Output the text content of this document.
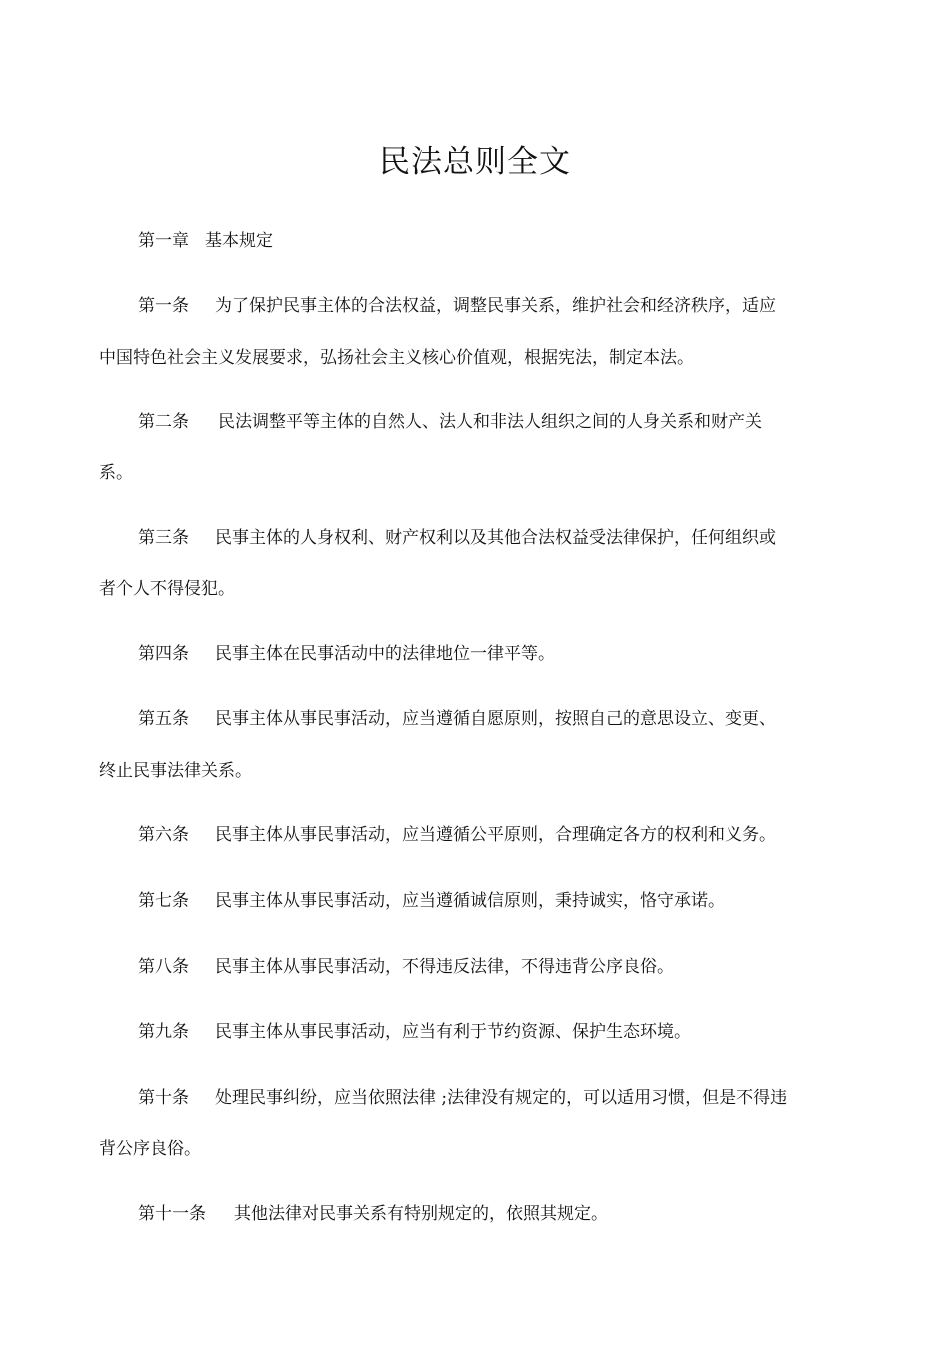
民法总则全文
第一章 基本规定
第一条 为了保护民事主体的合法权益，调整民事关系，维护社会和经济秩序，适应
中国特色社会主义发展要求，弘扬社会主义核心价值观，根据宪法，制定本法。
第二条 民法调整平等主体的自然人、法人和非法人组织之间的人身关系和财产关
系。
第三条 民事主体的人身权利、财产权利以及其他合法权益受法律保护，任何组织或
者个人不得侵犯。
第四条 民事主体在民事活动中的法律地位一律平等。
第五条 民事主体从事民事活动，应当遵循自愿原则，按照自己的意思设立、变更、
终止民事法律关系。
第六条 民事主体从事民事活动，应当遵循公平原则，合理确定各方的权利和义务。
第七条 民事主体从事民事活动，应当遵循诚信原则，秉持诚实，恪守承诺。
第八条 民事主体从事民事活动，不得违反法律，不得违背公序良俗。
第九条 民事主体从事民事活动，应当有利于节约资源、保护生态环境。
第十条 处理民事纠纷，应当依照法律 ;法律没有规定的，可以适用习惯，但是不得违
背公序良俗。
第十一条 其他法律对民事关系有特别规定的，依照其规定。
